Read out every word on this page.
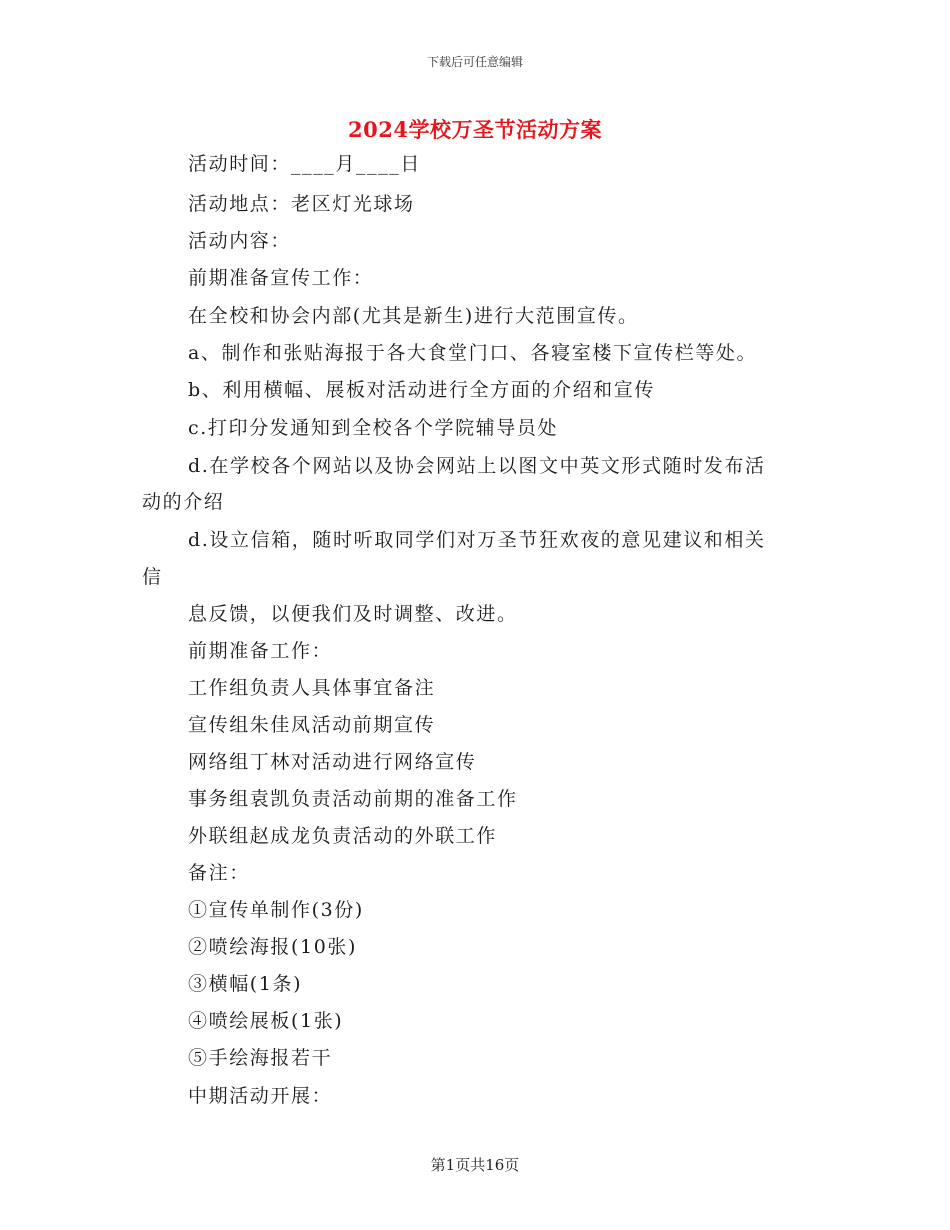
下载后可任意编辑
2024学校万圣节活动方案
活动时间：____月____日
活动地点：老区灯光球场
活动内容：
前期准备宣传工作：
在全校和协会内部(尤其是新生)进行大范围宣传。
a、制作和张贴海报于各大食堂门口、各寝室楼下宣传栏等处。
b、利用横幅、展板对活动进行全方面的介绍和宣传
c.打印分发通知到全校各个学院辅导员处
d.在学校各个网站以及协会网站上以图文中英文形式随时发布活
动的介绍
d.设立信箱，随时听取同学们对万圣节狂欢夜的意见建议和相关
信
息反馈，以便我们及时调整、改进。
前期准备工作：
工作组负责人具体事宜备注
宣传组朱佳凤活动前期宣传
网络组丁林对活动进行网络宣传
事务组袁凯负责活动前期的准备工作
外联组赵成龙负责活动的外联工作
备注：
①宣传单制作(3份)
②喷绘海报(10张)
③横幅(1条)
④喷绘展板(1张)
⑤手绘海报若干
中期活动开展：
第1页共16页
